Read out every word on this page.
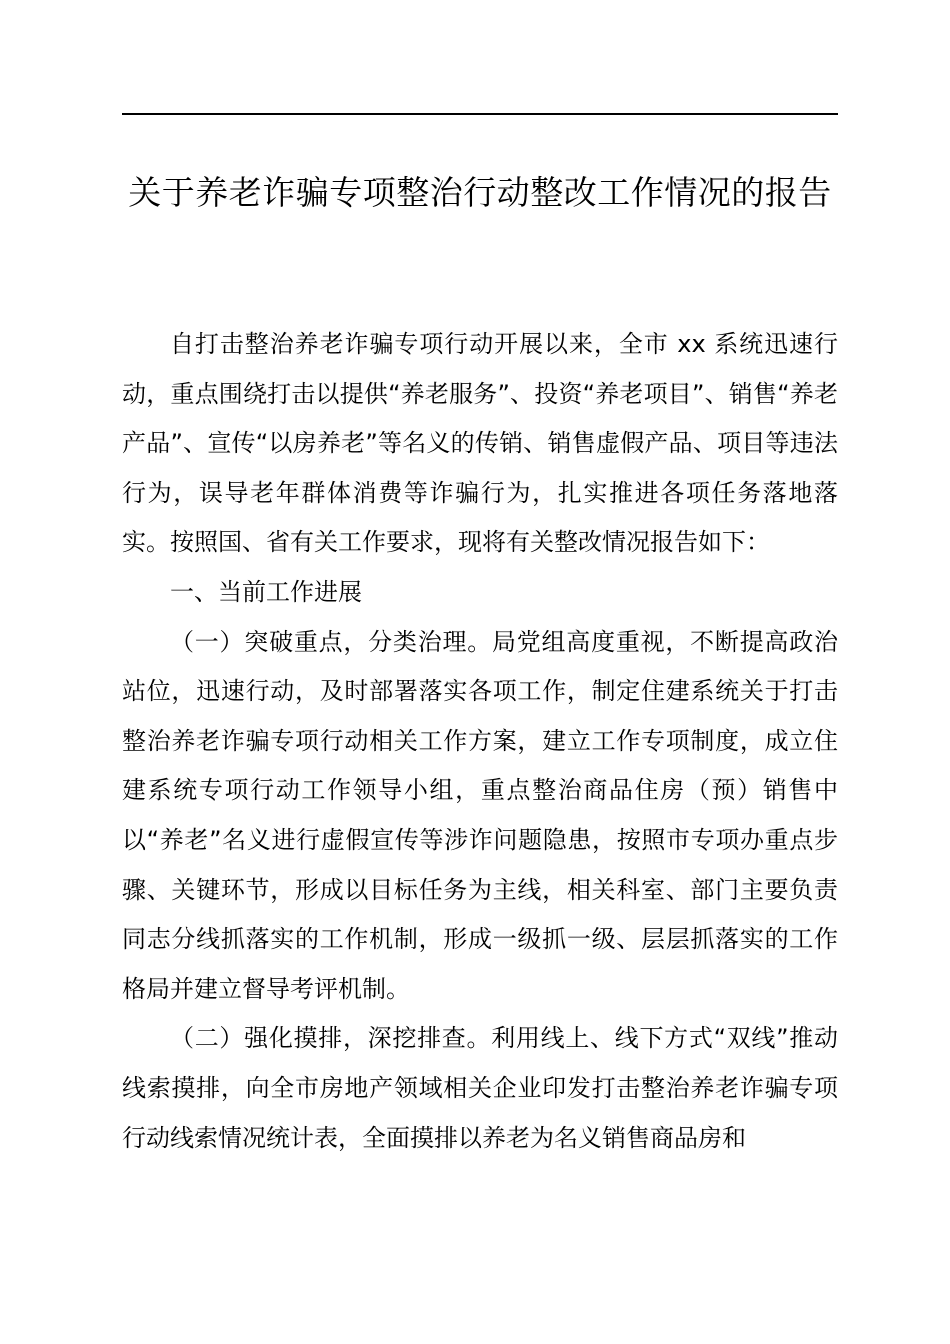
关于养老诈骗专项整治行动整改工作情况的报告

自打击整治养老诈骗专项行动开展以来，全市 xx 系统迅速行动，重点围绕打击以提供“养老服务”、投资“养老项目”、销售“养老产品”、宣传“以房养老”等名义的传销、销售虚假产品、项目等违法行为，误导老年群体消费等诈骗行为，扎实推进各项任务落地落实。按照国、省有关工作要求，现将有关整改情况报告如下：

一、当前工作进展

（一）突破重点，分类治理。局党组高度重视，不断提高政治站位，迅速行动，及时部署落实各项工作，制定住建系统关于打击整治养老诈骗专项行动相关工作方案，建立工作专项制度，成立住建系统专项行动工作领导小组，重点整治商品住房（预）销售中以“养老”名义进行虚假宣传等涉诈问题隐患，按照市专项办重点步骤、关键环节，形成以目标任务为主线，相关科室、部门主要负责同志分线抓落实的工作机制，形成一级抓一级、层层抓落实的工作格局并建立督导考评机制。

（二）强化摸排，深挖排查。利用线上、线下方式“双线”推动线索摸排，向全市房地产领域相关企业印发打击整治养老诈骗专项行动线索情况统计表，全面摸排以养老为名义销售商品房和
